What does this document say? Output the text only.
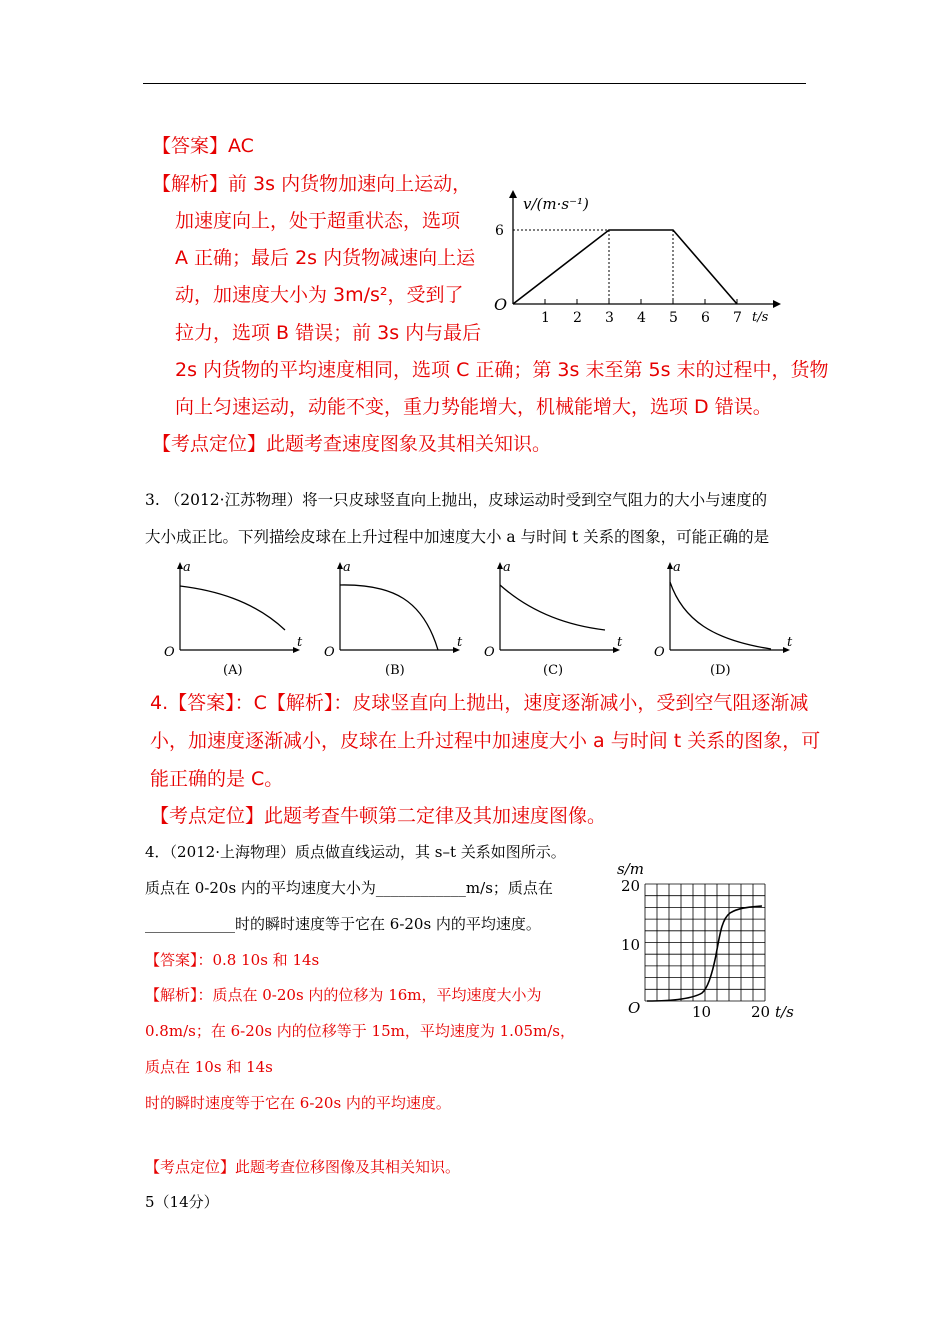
【答案】AC
【解析】前 3s 内货物加速向上运动，
加速度向上，处于超重状态，选项
A 正确；最后 2s 内货物减速向上运
动，加速度大小为 3m/s²，受到了
拉力，选项 B 错误；前 3s 内与最后
2s 内货物的平均速度相同，选项 C 正确；第 3s 末至第 5s 末的过程中，货物
向上匀速运动，动能不变，重力势能增大，机械能增大，选项 D 错误。
【考点定位】此题考查速度图象及其相关知识。
v/(m·s⁻¹)
t/s
O
6
1 2 3 4 5 6 7
3. （2012·江苏物理）将一只皮球竖直向上抛出，皮球运动时受到空气阻力的大小与速度的
大小成正比。下列描绘皮球在上升过程中加速度大小 a 与时间 t 关系的图象，可能正确的是
a
t
O
(A)
a
t
O
(B)
a
t
O
(C)
a
t
O
(D)
4.【答案】：C【解析】：皮球竖直向上抛出，速度逐渐减小，受到空气阻逐渐减
小，加速度逐渐减小，皮球在上升过程中加速度大小 a 与时间 t 关系的图象，可
能正确的是 C。
【考点定位】此题考查牛顿第二定律及其加速度图像。
4．（2012·上海物理）质点做直线运动，其 s–t 关系如图所示。
质点在 0-20s 内的平均速度大小为____________m/s；质点在
____________时的瞬时速度等于它在 6-20s 内的平均速度。
【答案】：0.8 10s 和 14s
【解析】：质点在 0-20s 内的位移为 16m，平均速度大小为
0.8m/s；在 6-20s 内的位移等于 15m，平均速度为 1.05m/s，
质点在 10s 和 14s
时的瞬时速度等于它在 6-20s 内的平均速度。
【考点定位】此题考查位移图像及其相关知识。
5（14分）
s/m
10
20
O	10	20 t/s
